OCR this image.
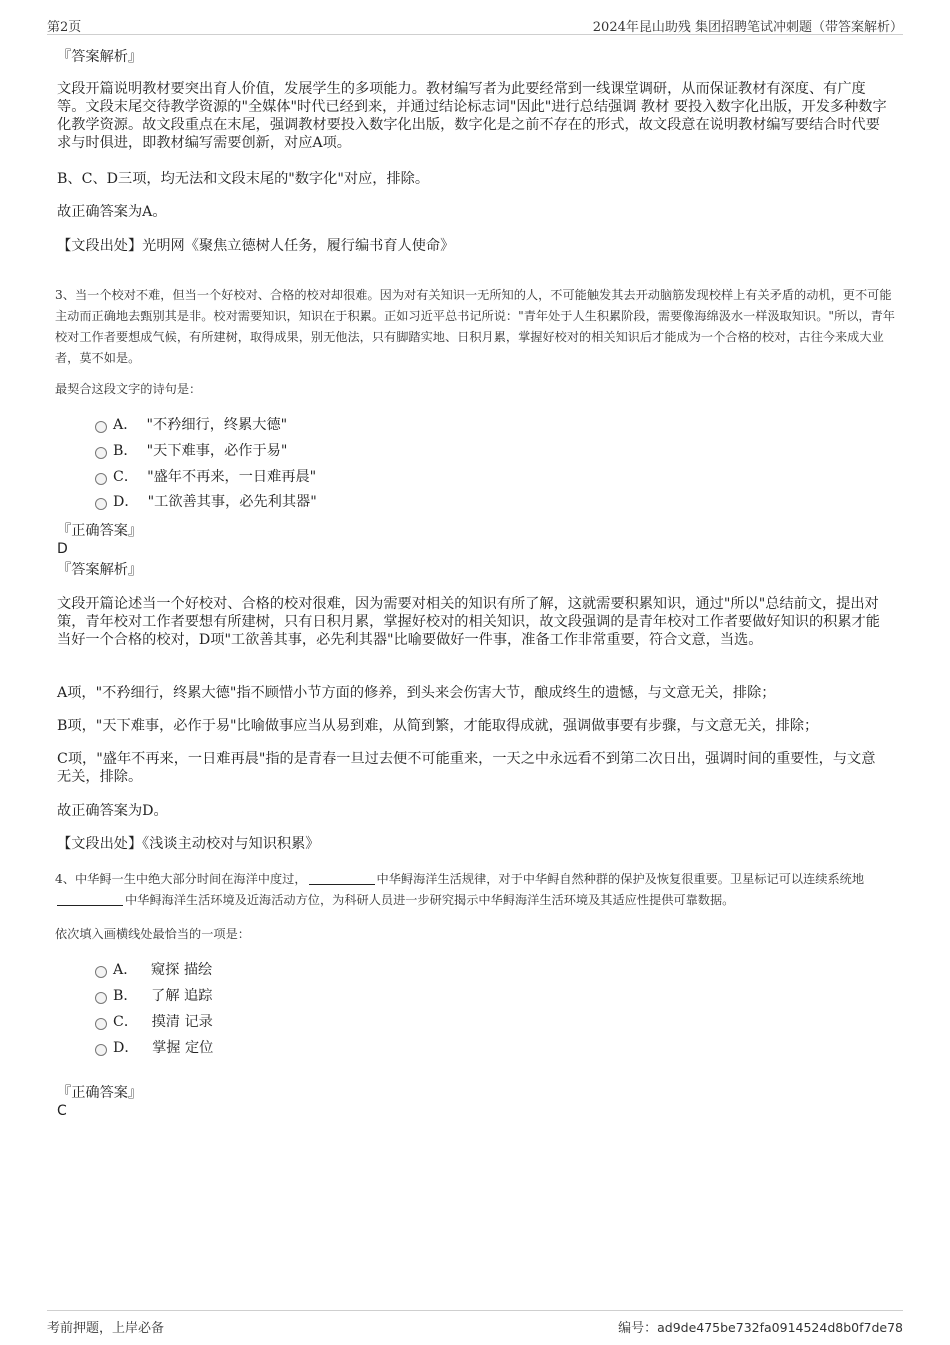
第2页	2024年昆山助残 集团招聘笔试冲刺题（带答案解析）

『答案解析』

文段开篇说明教材要突出育人价值，发展学生的多项能力。教材编写者为此要经常到一线课堂调研，从而保证教材有深度、有广度等。文段末尾交待教学资源的"全媒体"时代已经到来，并通过结论标志词"因此"进行总结强调 教材 要投入数字化出版，开发多种数字化教学资源。故文段重点在末尾，强调教材要投入数字化出版，数字化是之前不存在的形式，故文段意在说明教材编写要结合时代要求与时俱进，即教材编写需要创新，对应A项。

B、C、D三项，均无法和文段末尾的"数字化"对应，排除。

故正确答案为A。

【文段出处】光明网《聚焦立德树人任务，履行编书育人使命》

3、当一个校对不难，但当一个好校对、合格的校对却很难。因为对有关知识一无所知的人，不可能触发其去开动脑筋发现校样上有关矛盾的动机，更不可能主动而正确地去甄别其是非。校对需要知识，知识在于积累。正如习近平总书记所说："青年处于人生积累阶段，需要像海绵汲水一样汲取知识。"所以，青年校对工作者要想成气候，有所建树，取得成果，别无他法，只有脚踏实地、日积月累，掌握好校对的相关知识后才能成为一个合格的校对，古往今来成大业者，莫不如是。

最契合这段文字的诗句是：

A． "不矜细行，终累大德"
B． "天下难事，必作于易"
C． "盛年不再来，一日难再晨"
D． "工欲善其事，必先利其器"

『正确答案』

D

『答案解析』

文段开篇论述当一个好校对、合格的校对很难，因为需要对相关的知识有所了解，这就需要积累知识，通过"所以"总结前文，提出对策，青年校对工作者要想有所建树，只有日积月累，掌握好校对的相关知识，故文段强调的是青年校对工作者要做好知识的积累才能当好一个合格的校对，D项"工欲善其事，必先利其器"比喻要做好一件事，准备工作非常重要，符合文意，当选。

A项，"不矜细行，终累大德"指不顾惜小节方面的修养，到头来会伤害大节，酿成终生的遗憾，与文意无关，排除；

B项，"天下难事，必作于易"比喻做事应当从易到难，从简到繁，才能取得成就，强调做事要有步骤，与文意无关，排除；

C项，"盛年不再来，一日难再晨"指的是青春一旦过去便不可能重来，一天之中永远看不到第二次日出，强调时间的重要性，与文意无关，排除。

故正确答案为D。

【文段出处】《浅谈主动校对与知识积累》

4、中华鲟一生中绝大部分时间在海洋中度过，	中华鲟海洋生活规律，对于中华鲟自然种群的保护及恢复很重要。卫星标记可以连续系统地中华鲟海洋生活环境及近海活动方位，为科研人员进一步研究揭示中华鲟海洋生活环境及其适应性提供可靠数据。

依次填入画横线处最恰当的一项是：

A． 窥探 描绘
B． 了解 追踪
C． 摸清 记录
D． 掌握 定位

『正确答案』

C

考前押题，上岸必备	编号：ad9de475be732fa0914524d8b0f7de78
